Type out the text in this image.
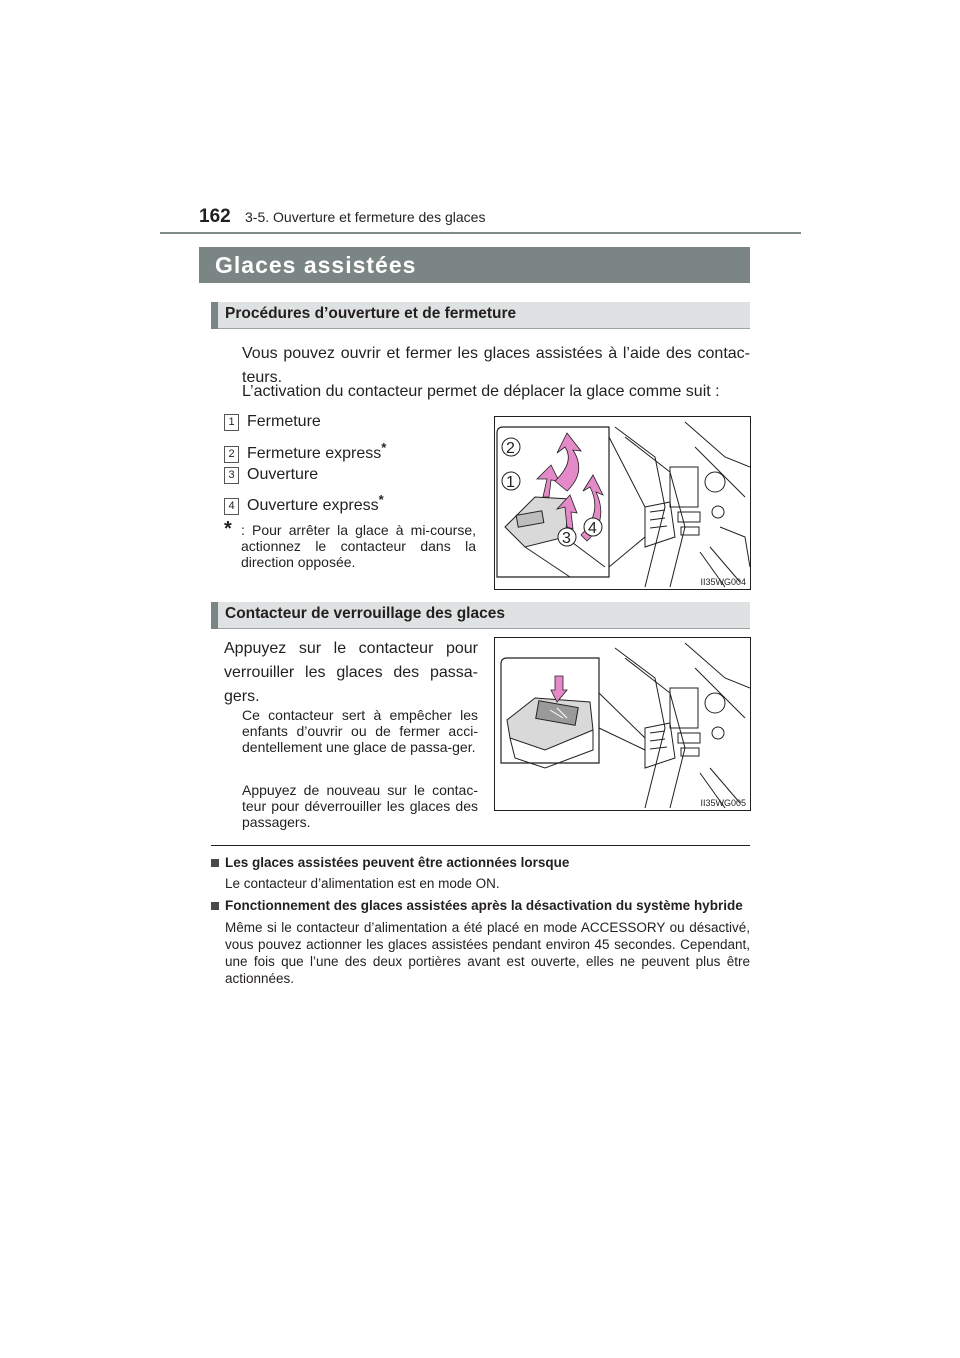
162 3-5. Ouverture et fermeture des glaces
Glaces assistées
Procédures d’ouverture et de fermeture
Vous pouvez ouvrir et fermer les glaces assistées à l’aide des contac-teurs.
L’activation du contacteur permet de déplacer la glace comme suit :
1 Fermeture
2 Fermeture express*
3 Ouverture
4 Ouverture express*
* : Pour arrêter la glace à mi-course, actionnez le contacteur dans la direction opposée.
1
2
3
4
II35WG004
Contacteur de verrouillage des glaces
Appuyez sur le contacteur pour verrouiller les glaces des passa-gers.
Ce contacteur sert à empêcher les enfants d’ouvrir ou de fermer acci-dentellement une glace de passa-ger.
Appuyez de nouveau sur le contac-teur pour déverrouiller les glaces des passagers.
II35WG005
Les glaces assistées peuvent être actionnées lorsque
Le contacteur d’alimentation est en mode ON.
Fonctionnement des glaces assistées après la désactivation du système hybride
Même si le contacteur d’alimentation a été placé en mode ACCESSORY ou désactivé, vous pouvez actionner les glaces assistées pendant environ 45 secondes. Cependant, une fois que l’une des deux portières avant est ouverte, elles ne peuvent plus être actionnées.
